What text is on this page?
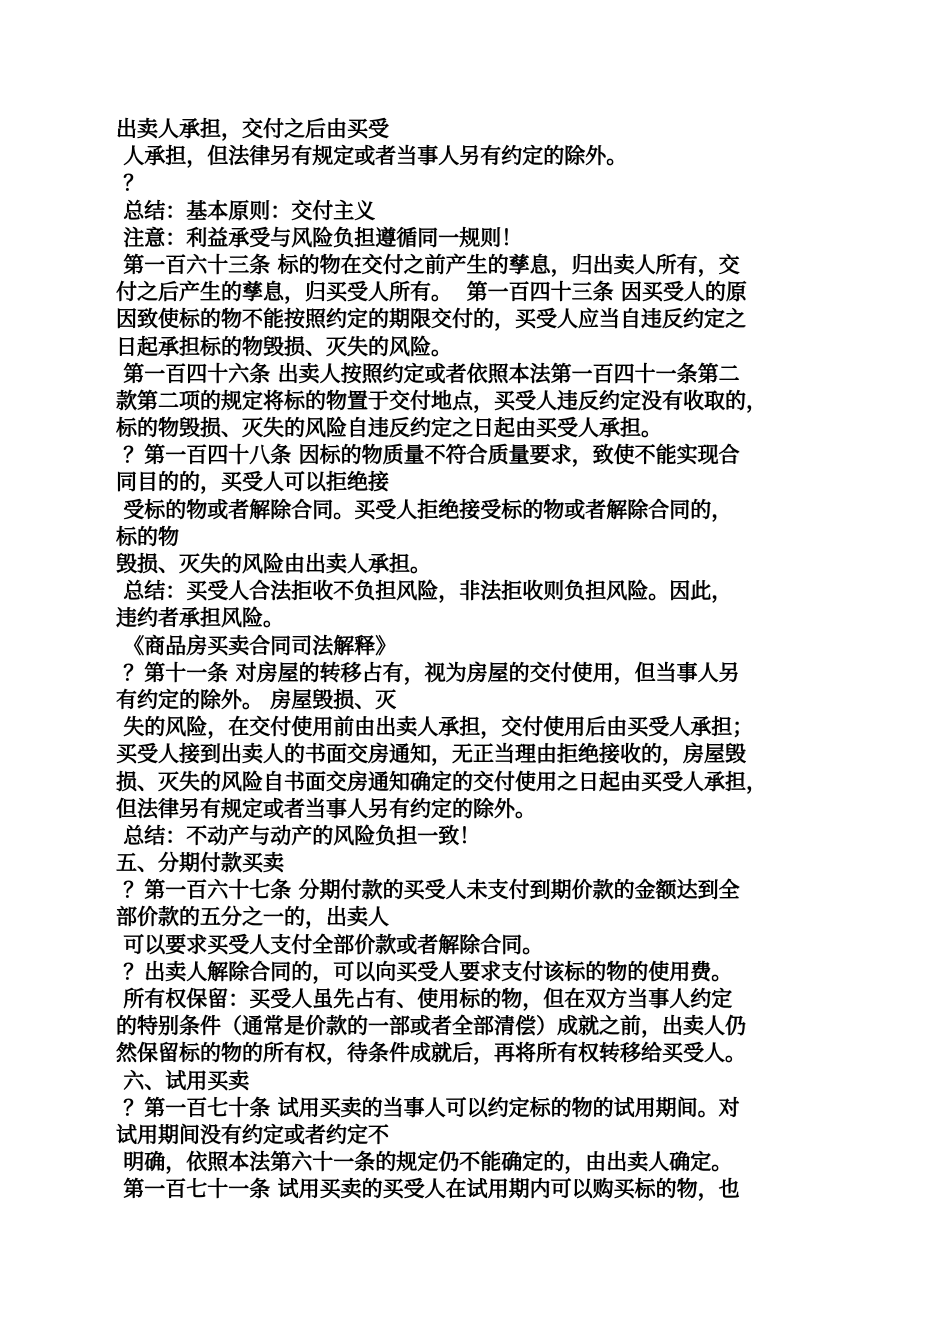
出卖人承担，交付之后由买受
人承担，但法律另有规定或者当事人另有约定的除外。
？
总结：基本原则：交付主义
注意：利益承受与风险负担遵循同一规则！
第一百六十三条 标的物在交付之前产生的孳息，归出卖人所有，交
付之后产生的孳息，归买受人所有。  第一百四十三条 因买受人的原
因致使标的物不能按照约定的期限交付的，买受人应当自违反约定之
日起承担标的物毁损、灭失的风险。
第一百四十六条 出卖人按照约定或者依照本法第一百四十一条第二
款第二项的规定将标的物置于交付地点，买受人违反约定没有收取的，
标的物毁损、灭失的风险自违反约定之日起由买受人承担。
？第一百四十八条 因标的物质量不符合质量要求，致使不能实现合
同目的的，买受人可以拒绝接
受标的物或者解除合同。买受人拒绝接受标的物或者解除合同的，
标的物
毁损、灭失的风险由出卖人承担。
总结：买受人合法拒收不负担风险，非法拒收则负担风险。因此，
违约者承担风险。
《商品房买卖合同司法解释》
？第十一条 对房屋的转移占有，视为房屋的交付使用，但当事人另
有约定的除外。 房屋毁损、灭
失的风险，在交付使用前由出卖人承担，交付使用后由买受人承担；
买受人接到出卖人的书面交房通知，无正当理由拒绝接收的，房屋毁
损、灭失的风险自书面交房通知确定的交付使用之日起由买受人承担，
但法律另有规定或者当事人另有约定的除外。
总结：不动产与动产的风险负担一致！
五、分期付款买卖
？第一百六十七条 分期付款的买受人未支付到期价款的金额达到全
部价款的五分之一的，出卖人
可以要求买受人支付全部价款或者解除合同。
？出卖人解除合同的，可以向买受人要求支付该标的物的使用费。
所有权保留：买受人虽先占有、使用标的物，但在双方当事人约定
的特别条件（通常是价款的一部或者全部清偿）成就之前，出卖人仍
然保留标的物的所有权，待条件成就后，再将所有权转移给买受人。
六、试用买卖
？第一百七十条 试用买卖的当事人可以约定标的物的试用期间。对
试用期间没有约定或者约定不
明确，依照本法第六十一条的规定仍不能确定的，由出卖人确定。
第一百七十一条 试用买卖的买受人在试用期内可以购买标的物，也
